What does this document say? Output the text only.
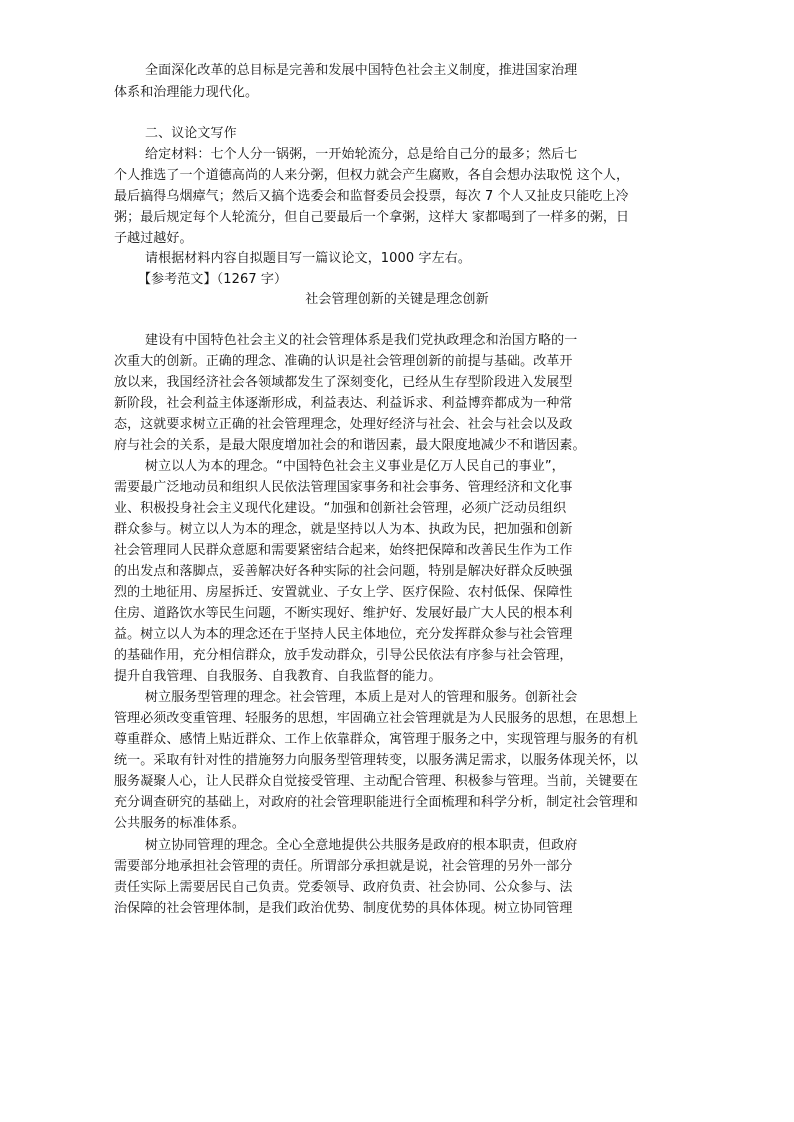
全面深化改革的总目标是完善和发展中国特色社会主义制度，推进国家治理
体系和治理能力现代化。
二、议论文写作
给定材料：七个人分一锅粥，一开始轮流分，总是给自己分的最多；然后七
个人推选了一个道德高尚的人来分粥，但权力就会产生腐败，各自会想办法取悦 这个人，
最后搞得乌烟瘴气；然后又搞个选委会和监督委员会投票，每次 7 个人又扯皮只能吃上冷
粥；最后规定每个人轮流分，但自己要最后一个拿粥，这样大 家都喝到了一样多的粥，日
子越过越好。
请根据材料内容自拟题目写一篇议论文，1000 字左右。
【参考范文】（1267 字）
社会管理创新的关键是理念创新
建设有中国特色社会主义的社会管理体系是我们党执政理念和治国方略的一
次重大的创新。正确的理念、准确的认识是社会管理创新的前提与基础。改革开
放以来，我国经济社会各领域都发生了深刻变化，已经从生存型阶段进入发展型
新阶段，社会利益主体逐渐形成，利益表达、利益诉求、利益博弈都成为一种常
态，这就要求树立正确的社会管理理念，处理好经济与社会、社会与社会以及政
府与社会的关系，是最大限度增加社会的和谐因素，最大限度地减少不和谐因素。
树立以人为本的理念。“中国特色社会主义事业是亿万人民自己的事业”，
需要最广泛地动员和组织人民依法管理国家事务和社会事务、管理经济和文化事
业、积极投身社会主义现代化建设。“加强和创新社会管理，必须广泛动员组织
群众参与。树立以人为本的理念，就是坚持以人为本、执政为民，把加强和创新
社会管理同人民群众意愿和需要紧密结合起来，始终把保障和改善民生作为工作
的出发点和落脚点，妥善解决好各种实际的社会问题，特别是解决好群众反映强
烈的土地征用、房屋拆迁、安置就业、子女上学、医疗保险、农村低保、保障性
住房、道路饮水等民生问题，不断实现好、维护好、发展好最广大人民的根本利
益。树立以人为本的理念还在于坚持人民主体地位，充分发挥群众参与社会管理
的基础作用，充分相信群众，放手发动群众，引导公民依法有序参与社会管理，
提升自我管理、自我服务、自我教育、自我监督的能力。
树立服务型管理的理念。社会管理，本质上是对人的管理和服务。创新社会
管理必须改变重管理、轻服务的思想，牢固确立社会管理就是为人民服务的思想，在思想上
尊重群众、感情上贴近群众、工作上依靠群众，寓管理于服务之中，实现管理与服务的有机
统一。采取有针对性的措施努力向服务型管理转变，以服务满足需求，以服务体现关怀，以
服务凝聚人心，让人民群众自觉接受管理、主动配合管理、积极参与管理。当前，关键要在
充分调查研究的基础上，对政府的社会管理职能进行全面梳理和科学分析，制定社会管理和
公共服务的标准体系。
树立协同管理的理念。全心全意地提供公共服务是政府的根本职责，但政府
需要部分地承担社会管理的责任。所谓部分承担就是说，社会管理的另外一部分
责任实际上需要居民自己负责。党委领导、政府负责、社会协同、公众参与、法
治保障的社会管理体制，是我们政治优势、制度优势的具体体现。树立协同管理
